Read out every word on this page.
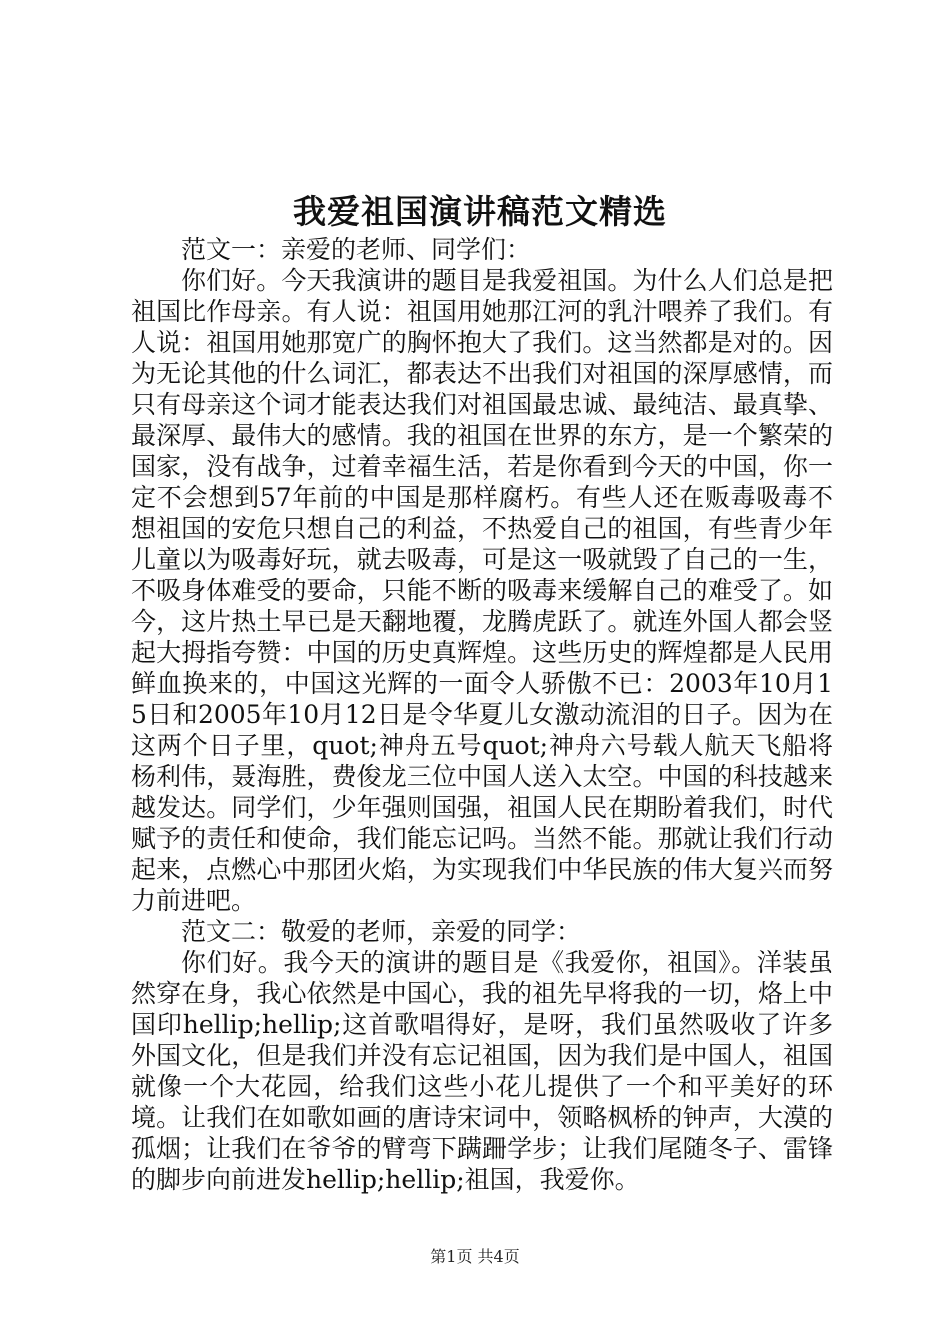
我爱祖国演讲稿范文精选

范文一：亲爱的老师、同学们：

你们好。今天我演讲的题目是我爱祖国。为什么人们总是把祖国比作母亲。有人说：祖国用她那江河的乳汁喂养了我们。有人说：祖国用她那宽广的胸怀抱大了我们。这当然都是对的。因为无论其他的什么词汇，都表达不出我们对祖国的深厚感情，而只有母亲这个词才能表达我们对祖国最忠诚、最纯洁、最真挚、最深厚、最伟大的感情。我的祖国在世界的东方，是一个繁荣的国家，没有战争，过着幸福生活，若是你看到今天的中国，你一定不会想到57年前的中国是那样腐朽。有些人还在贩毒吸毒不想祖国的安危只想自己的利益，不热爱自己的祖国，有些青少年儿童以为吸毒好玩，就去吸毒，可是这一吸就毁了自己的一生，不吸身体难受的要命，只能不断的吸毒来缓解自己的难受了。如今，这片热土早已是天翻地覆，龙腾虎跃了。就连外国人都会竖起大拇指夸赞：中国的历史真辉煌。这些历史的辉煌都是人民用鲜血换来的，中国这光辉的一面令人骄傲不已：2003年10月15日和2005年10月12日是令华夏儿女激动流泪的日子。因为在这两个日子里，quot;神舟五号quot;神舟六号载人航天飞船将杨利伟，聂海胜，费俊龙三位中国人送入太空。中国的科技越来越发达。同学们，少年强则国强，祖国人民在期盼着我们，时代赋予的责任和使命，我们能忘记吗。当然不能。那就让我们行动起来，点燃心中那团火焰，为实现我们中华民族的伟大复兴而努力前进吧。

范文二：敬爱的老师，亲爱的同学：

你们好。我今天的演讲的题目是《我爱你，祖国》。洋装虽然穿在身，我心依然是中国心，我的祖先早将我的一切，烙上中国印hellip;hellip;这首歌唱得好，是呀，我们虽然吸收了许多外国文化，但是我们并没有忘记祖国，因为我们是中国人，祖国就像一个大花园，给我们这些小花儿提供了一个和平美好的环境。让我们在如歌如画的唐诗宋词中，领略枫桥的钟声，大漠的孤烟；让我们在爷爷的臂弯下蹒跚学步；让我们尾随冬子、雷锋的脚步向前进发hellip;hellip;祖国，我爱你。

第1页 共4页
